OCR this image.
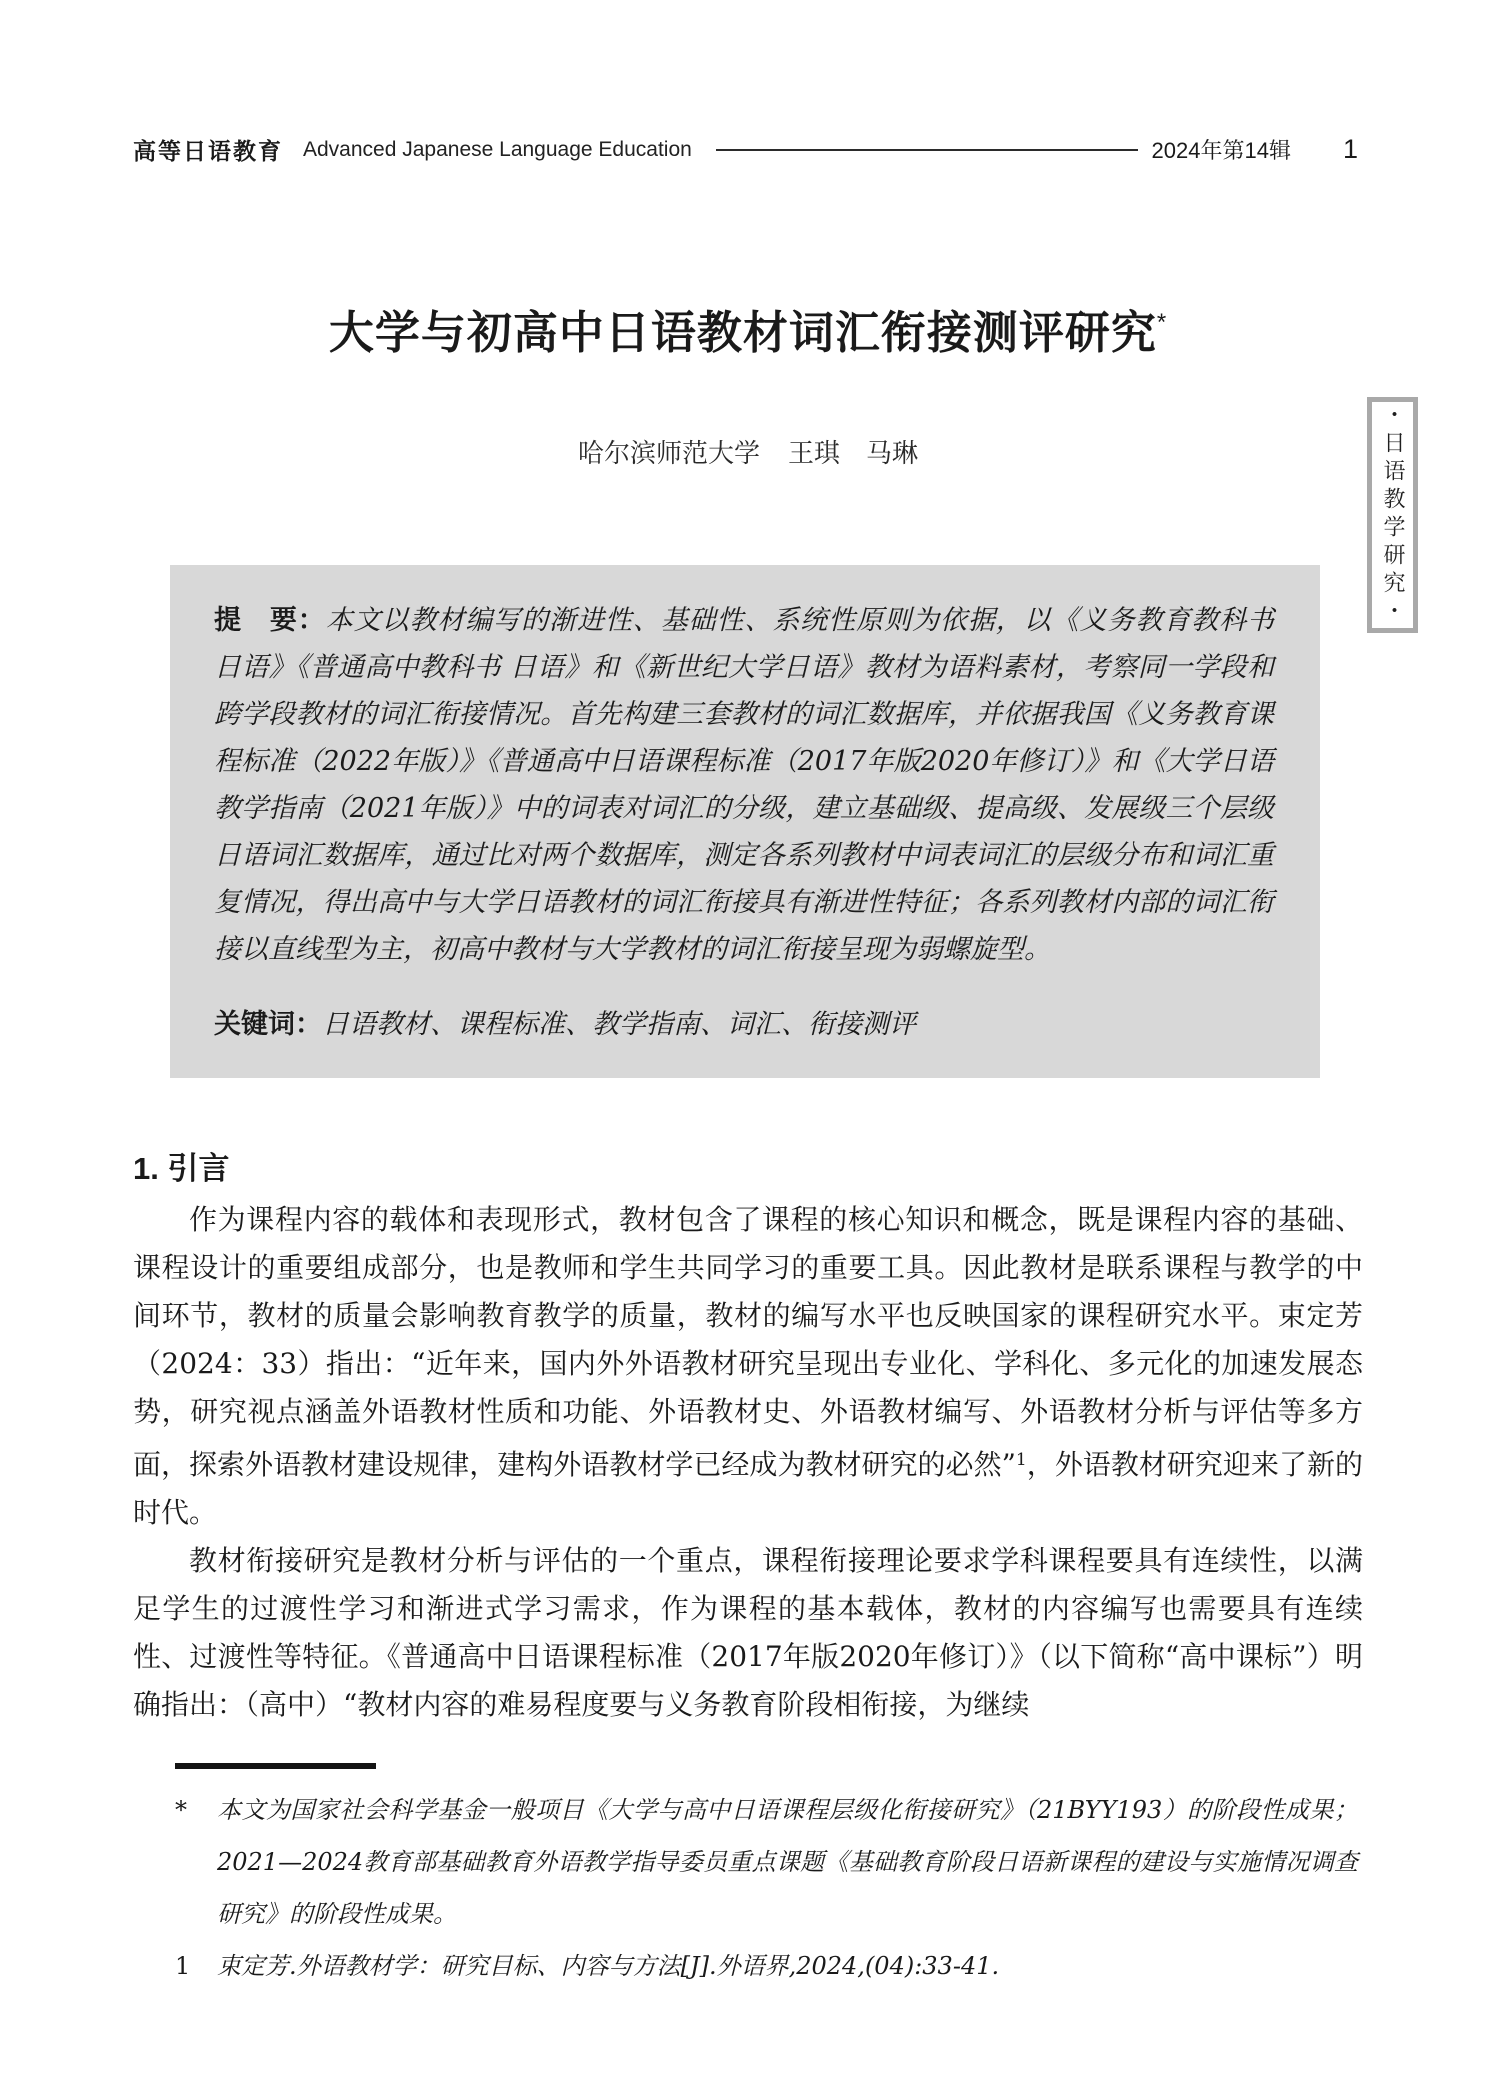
高等日语教育 Advanced Japanese Language Education	2024年第14辑 1
大学与初高中日语教材词汇衔接测评研究*
哈尔滨师范大学 王琪　马琳	・日语教学研究・

提　要：本文以教材编写的渐进性、基础性、系统性原则为依据，以《义务教育教科书 日语》《普通高中教科书 日语》和《新世纪大学日语》教材为语料素材，考察同一学段和跨学段教材的词汇衔接情况。首先构建三套教材的词汇数据库，并依据我国《义务教育课程标准（2022年版）》《普通高中日语课程标准（2017年版2020年修订）》和《大学日语教学指南（2021年版）》中的词表对词汇的分级，建立基础级、提高级、发展级三个层级日语词汇数据库，通过比对两个数据库，测定各系列教材中词表词汇的层级分布和词汇重复情况，得出高中与大学日语教材的词汇衔接具有渐进性特征；各系列教材内部的词汇衔接以直线型为主，初高中教材与大学教材的词汇衔接呈现为弱螺旋型。

关键词：日语教材、课程标准、教学指南、词汇、衔接测评

1. 引言

作为课程内容的载体和表现形式，教材包含了课程的核心知识和概念，既是课程内容的基础、课程设计的重要组成部分，也是教师和学生共同学习的重要工具。因此教材是联系课程与教学的中间环节，教材的质量会影响教育教学的质量，教材的编写水平也反映国家的课程研究水平。束定芳（2024：33）指出：“近年来，国内外外语教材研究呈现出专业化、学科化、多元化的加速发展态势，研究视点涵盖外语教材性质和功能、外语教材史、外语教材编写、外语教材分析与评估等多方面，探索外语教材建设规律，建构外语教材学已经成为教材研究的必然”$^1$，外语教材研究迎来了新的时代。

教材衔接研究是教材分析与评估的一个重点，课程衔接理论要求学科课程要具有连续性，以满足学生的过渡性学习和渐进式学习需求，作为课程的基本载体，教材的内容编写也需要具有连续性、过渡性等特征。《普通高中日语课程标准（2017年版2020年修订）》（以下简称“高中课标”）明确指出：（高中）“教材内容的难易程度要与义务教育阶段相衔接，为继续

*	本文为国家社会科学基金一般项目《大学与高中日语课程层级化衔接研究》（21BYY193）的阶段性成果；2021—2024教育部基础教育外语教学指导委员重点课题《基础教育阶段日语新课程的建设与实施情况调查研究》的阶段性成果。

1	束定芳.外语教材学：研究目标、内容与方法[J].外语界,2024,(04):33-41.
